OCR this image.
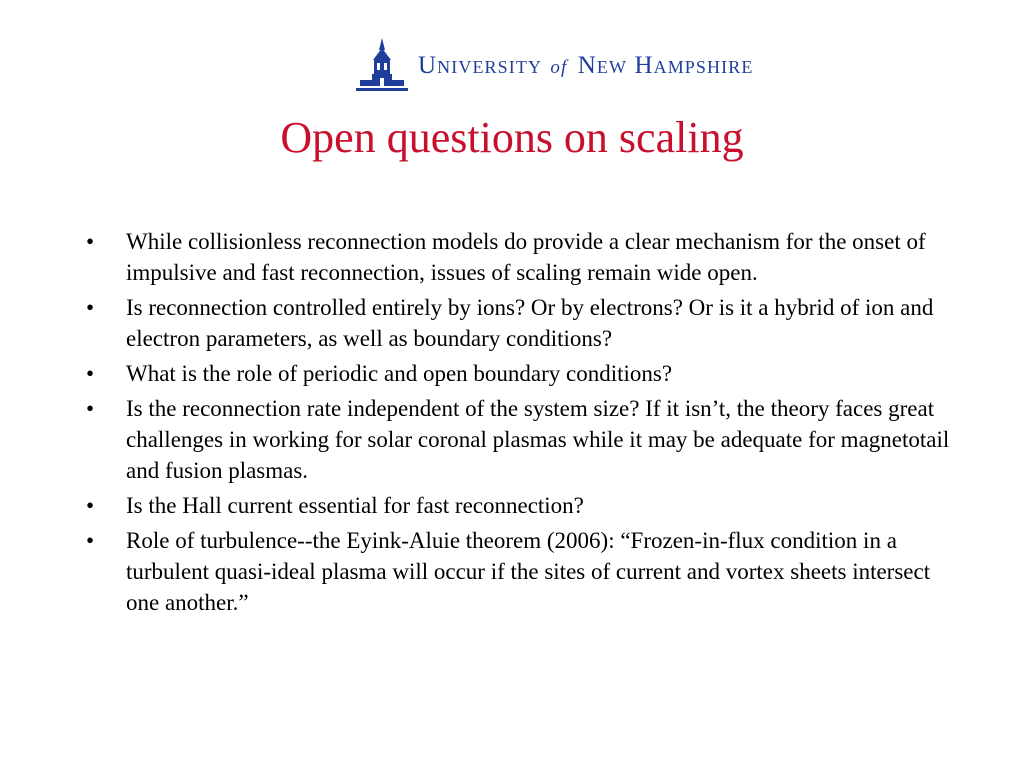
University of New Hampshire
Open questions on scaling
•	While collisionless reconnection models do provide a clear mechanism for the onset of impulsive and fast reconnection, issues of scaling remain wide open.
•	Is reconnection controlled entirely by ions? Or by electrons? Or is it a hybrid of ion and electron parameters, as well as boundary conditions?
•	What is the role of periodic and open boundary conditions?
•	Is the reconnection rate independent of the system size? If it isn’t, the theory faces great challenges in working for solar coronal plasmas while it may be adequate for magnetotail and fusion plasmas.
•	Is the Hall current essential for fast reconnection?
•	Role of turbulence--the Eyink-Aluie theorem (2006): “Frozen-in-flux condition in a turbulent quasi-ideal plasma will occur if the sites of current and vortex sheets intersect one another.”
